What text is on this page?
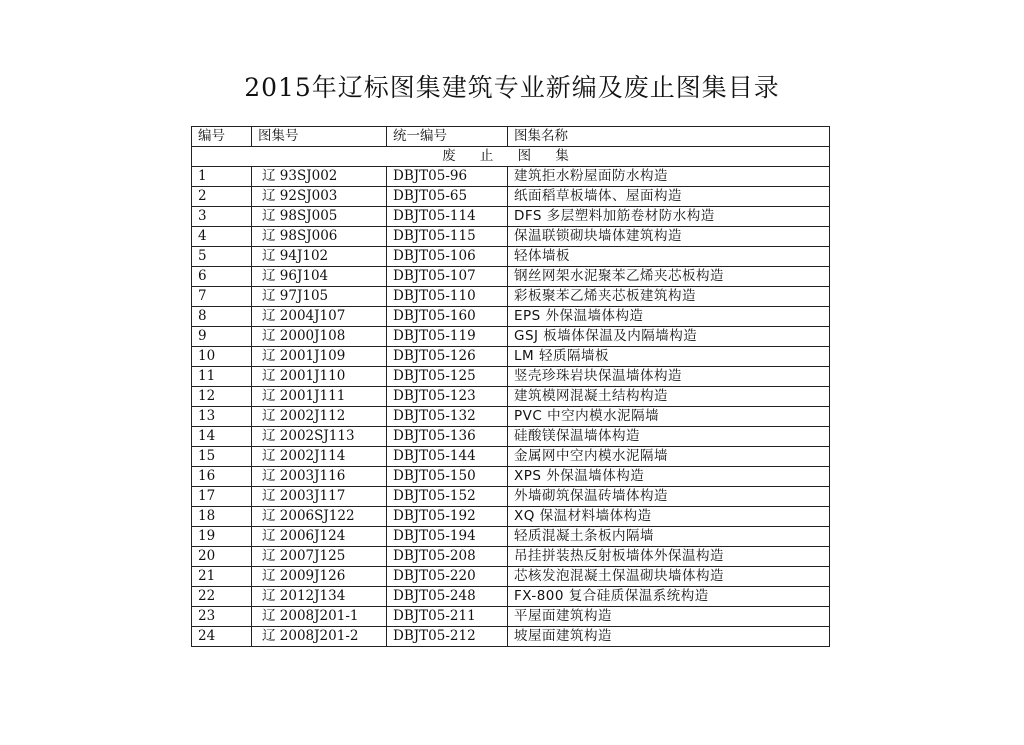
2015年辽标图集建筑专业新编及废止图集目录
编号	图集号	统一编号	图集名称
废 止 图 集			
1	辽 93SJ002	DBJT05-96	建筑拒水粉屋面防水构造
2	辽 92SJ003	DBJT05-65	纸面稻草板墙体、屋面构造
3	辽 98SJ005	DBJT05-114	DFS 多层塑料加筋卷材防水构造
4	辽 98SJ006	DBJT05-115	保温联锁砌块墙体建筑构造
5	辽 94J102	DBJT05-106	轻体墙板
6	辽 96J104	DBJT05-107	钢丝网架水泥聚苯乙烯夹芯板构造
7	辽 97J105	DBJT05-110	彩板聚苯乙烯夹芯板建筑构造
8	辽 2004J107	DBJT05-160	EPS 外保温墙体构造
9	辽 2000J108	DBJT05-119	GSJ 板墙体保温及内隔墙构造
10	辽 2001J109	DBJT05-126	LM 轻质隔墙板
11	辽 2001J110	DBJT05-125	竖壳珍珠岩块保温墙体构造
12	辽 2001J111	DBJT05-123	建筑模网混凝土结构构造
13	辽 2002J112	DBJT05-132	PVC 中空内模水泥隔墙
14	辽 2002SJ113	DBJT05-136	硅酸镁保温墙体构造
15	辽 2002J114	DBJT05-144	金属网中空内模水泥隔墙
16	辽 2003J116	DBJT05-150	XPS 外保温墙体构造
17	辽 2003J117	DBJT05-152	外墙砌筑保温砖墙体构造
18	辽 2006SJ122	DBJT05-192	XQ 保温材料墙体构造
19	辽 2006J124	DBJT05-194	轻质混凝土条板内隔墙
20	辽 2007J125	DBJT05-208	吊挂拼装热反射板墙体外保温构造
21	辽 2009J126	DBJT05-220	芯核发泡混凝土保温砌块墙体构造
22	辽 2012J134	DBJT05-248	FX-800 复合硅质保温系统构造
23	辽 2008J201-1	DBJT05-211	平屋面建筑构造
24	辽 2008J201-2	DBJT05-212	坡屋面建筑构造
